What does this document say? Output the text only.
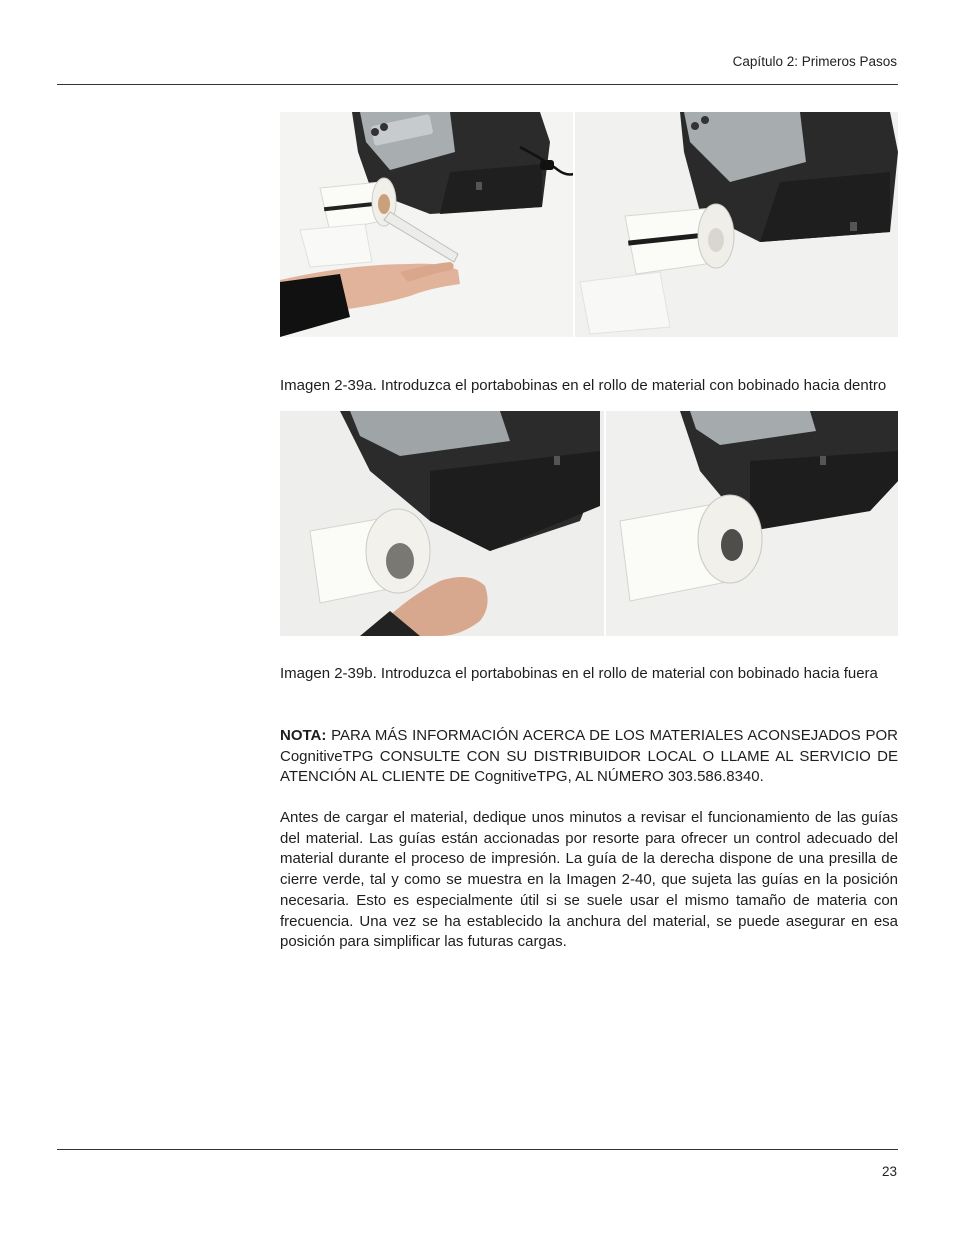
Capítulo 2: Primeros Pasos
Imagen 2-39a. Introduzca el portabobinas en el rollo de material con bobinado hacia dentro
Imagen 2-39b. Introduzca el portabobinas en el rollo de material con bobinado hacia fuera
NOTA: PARA MÁS INFORMACIÓN ACERCA DE LOS MATERIALES ACONSEJADOS POR CognitiveTPG CONSULTE CON SU DISTRIBUIDOR LOCAL O LLAME AL SERVICIO DE ATENCIÓN AL CLIENTE DE CognitiveTPG, AL NÚMERO 303.586.8340.
Antes de cargar el material, dedique unos minutos a revisar el funcionamiento de las guías del material. Las guías están accionadas por resorte para ofrecer un control adecuado del material durante el proceso de impresión. La guía de la derecha dispone de una presilla de cierre verde, tal y como se muestra en la Imagen 2-40, que sujeta las guías en la posición necesaria. Esto es especialmente útil si se suele usar el mismo tamaño de materia con frecuencia. Una vez se ha establecido la anchura del material, se puede asegurar en esa posición para simplificar las futuras cargas.
23
